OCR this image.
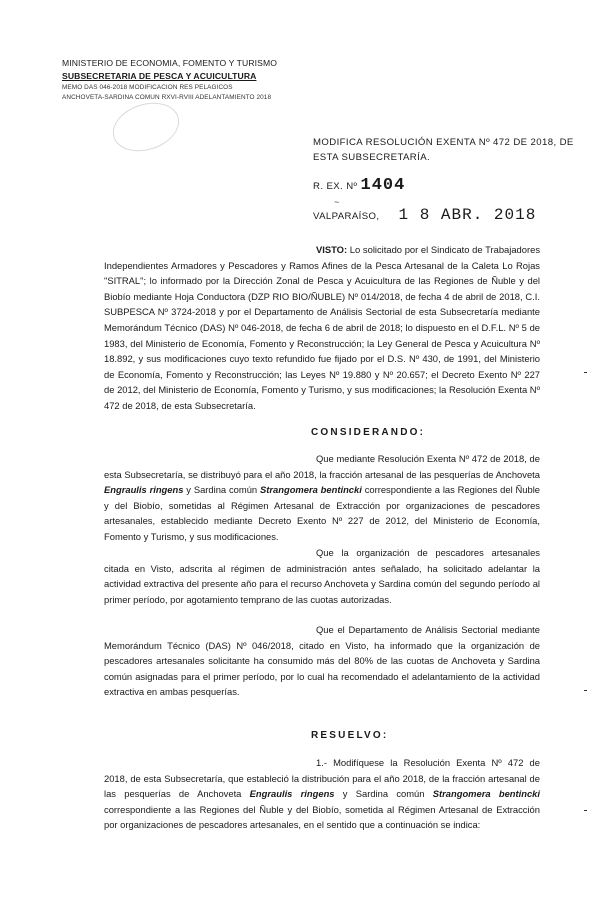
MINISTERIO DE ECONOMIA, FOMENTO Y TURISMO
SUBSECRETARIA DE PESCA Y ACUICULTURA
MEMO DAS 046-2018 MODIFICACION RES PELAGICOS
ANCHOVETA-SARDINA COMUN RXVI-RVIII ADELANTAMIENTO 2018
MODIFICA RESOLUCIÓN EXENTA Nº 472 DE 2018, DE
ESTA SUBSECRETARÍA.
~
R. EX. Nº 1404
VALPARAÍSO, 1 8 ABR. 2018
VISTO: Lo solicitado por el Sindicato de Trabajadores Independientes Armadores y Pescadores y Ramos Afines de la Pesca Artesanal de la Caleta Lo Rojas "SITRAL"; lo informado por la Dirección Zonal de Pesca y Acuicultura de las Regiones de Ñuble y del Biobío mediante Hoja Conductora (DZP RIO BIO/ÑUBLE) Nº 014/2018, de fecha 4 de abril de 2018, C.I. SUBPESCA Nº 3724-2018 y por el Departamento de Análisis Sectorial de esta Subsecretaría mediante Memorándum Técnico (DAS) Nº 046-2018, de fecha 6 de abril de 2018; lo dispuesto en el D.F.L. Nº 5 de 1983, del Ministerio de Economía, Fomento y Reconstrucción; la Ley General de Pesca y Acuicultura Nº 18.892, y sus modificaciones cuyo texto refundido fue fijado por el D.S. Nº 430, de 1991, del Ministerio de Economía, Fomento y Reconstrucción; las Leyes Nº 19.880 y Nº 20.657; el Decreto Exento Nº 227 de 2012, del Ministerio de Economía, Fomento y Turismo, y sus modificaciones; la Resolución Exenta Nº 472 de 2018, de esta Subsecretaría.
CONSIDERANDO:
Que mediante Resolución Exenta Nº 472 de 2018, de esta Subsecretaría, se distribuyó para el año 2018, la fracción artesanal de las pesquerías de Anchoveta Engraulis ringens y Sardina común Strangomera bentincki correspondiente a las Regiones del Ñuble y del Biobío, sometidas al Régimen Artesanal de Extracción por organizaciones de pescadores artesanales, establecido mediante Decreto Exento Nº 227 de 2012, del Ministerio de Economía, Fomento y Turismo, y sus modificaciones.
Que la organización de pescadores artesanales citada en Visto, adscrita al régimen de administración antes señalado, ha solicitado adelantar la actividad extractiva del presente año para el recurso Anchoveta y Sardina común del segundo período al primer período, por agotamiento temprano de las cuotas autorizadas.
Que el Departamento de Análisis Sectorial mediante Memorándum Técnico (DAS) Nº 046/2018, citado en Visto, ha informado que la organización de pescadores artesanales solicitante ha consumido más del 80% de las cuotas de Anchoveta y Sardina común asignadas para el primer período, por lo cual ha recomendado el adelantamiento de la actividad extractiva en ambas pesquerías.
RESUELVO:
1.- Modifíquese la Resolución Exenta Nº 472 de 2018, de esta Subsecretaría, que estableció la distribución para el año 2018, de la fracción artesanal de las pesquerías de Anchoveta Engraulis ringens y Sardina común Strangomera bentincki correspondiente a las Regiones del Ñuble y del Biobío, sometida al Régimen Artesanal de Extracción por organizaciones de pescadores artesanales, en el sentido que a continuación se indica:
